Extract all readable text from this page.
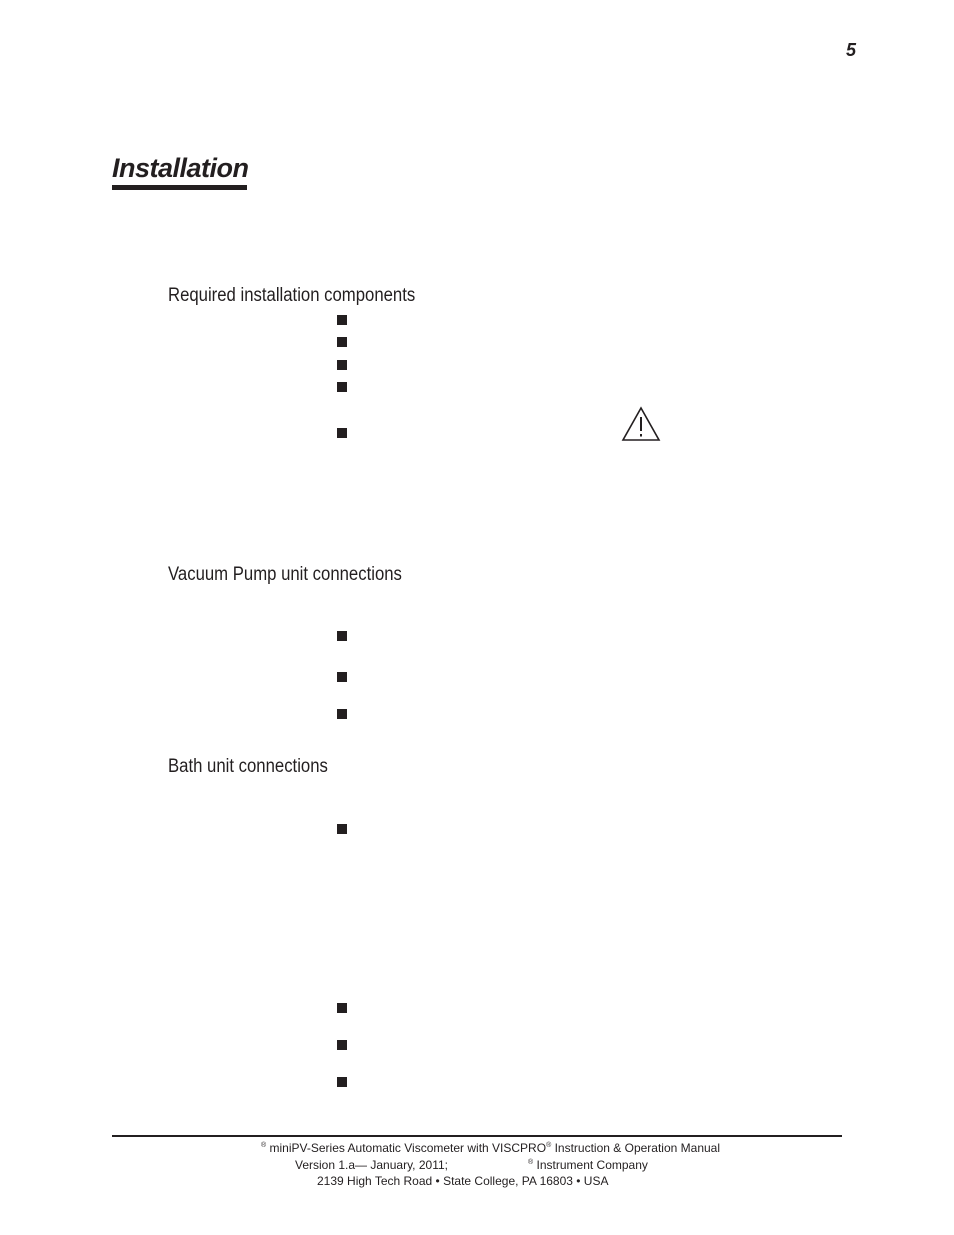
5
Installation
Required installation components
Vacuum Pump unit connections
Bath unit connections
® miniPV-Series Automatic Viscometer with VISCPRO® Instruction & Operation Manual
Version 1.a— January, 2011;	® Instrument Company
2139 High Tech Road • State College, PA 16803 • USA
